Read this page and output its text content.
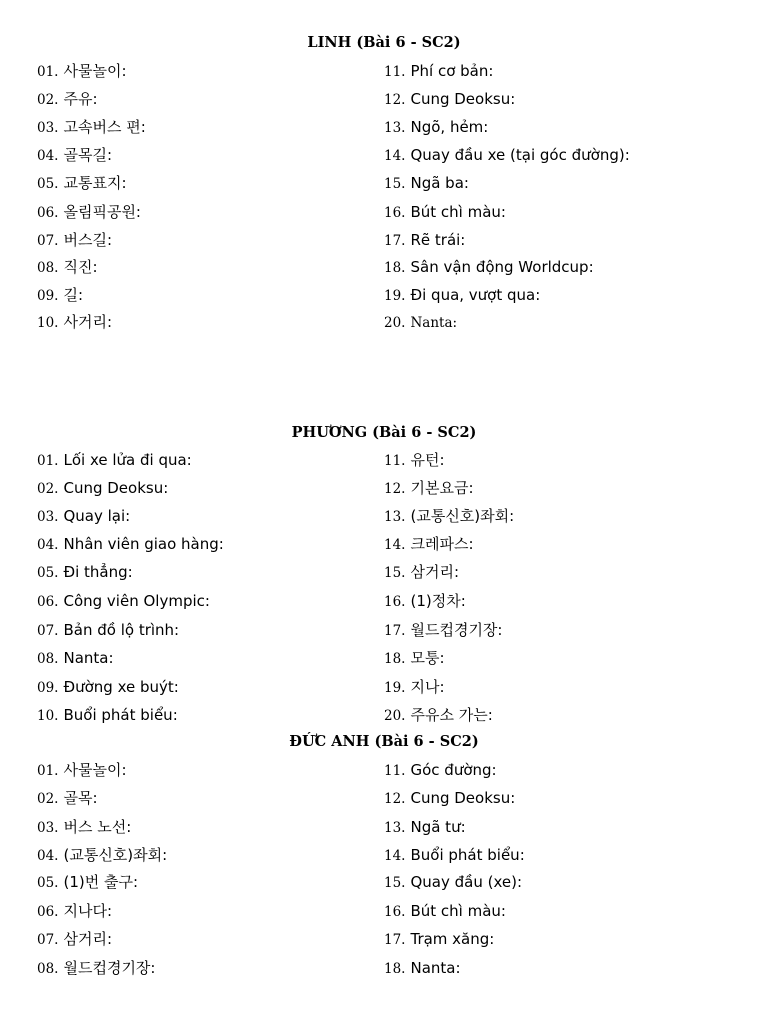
LINH (Bài 6 - SC2)
01. 사물놀이:
02. 주유:
03. 고속버스 편:
04. 골목길:
05. 교통표지:
06. 올림픽공원:
07. 버스길:
08. 직진:
09. 길:
10. 사거리:
11. Phí cơ bản:
12. Cung Deoksu:
13. Ngõ, hẻm:
14. Quay đầu xe (tại góc đường):
15. Ngã ba:
16. Bút chì màu:
17. Rẽ trái:
18. Sân vận động Worldcup:
19. Đi qua, vượt qua:
20. Nanta:
PHƯƠNG (Bài 6 - SC2)
01. Lối xe lửa đi qua:
02. Cung Deoksu:
03. Quay lại:
04. Nhân viên giao hàng:
05. Đi thẳng:
06. Công viên Olympic:
07. Bản đồ lộ trình:
08. Nanta:
09. Đường xe buýt:
10. Buổi phát biểu:
11. 유턴:
12. 기본요금:
13. (교통신호)좌회:
14. 크레파스:
15. 삼거리:
16. (1)정차:
17. 월드컵경기장:
18. 모퉁:
19. 지나:
20. 주유소 가는:
ĐỨC ANH (Bài 6 - SC2)
01. 사물놀이:
02. 골목:
03. 버스 노선:
04. (교통신호)좌회:
05. (1)번 출구:
06. 지나다:
07. 삼거리:
08. 월드컵경기장:
11. Góc đường:
12. Cung Deoksu:
13. Ngã tư:
14. Buổi phát biểu:
15. Quay đầu (xe):
16. Bút chì màu:
17. Trạm xăng:
18. Nanta:
